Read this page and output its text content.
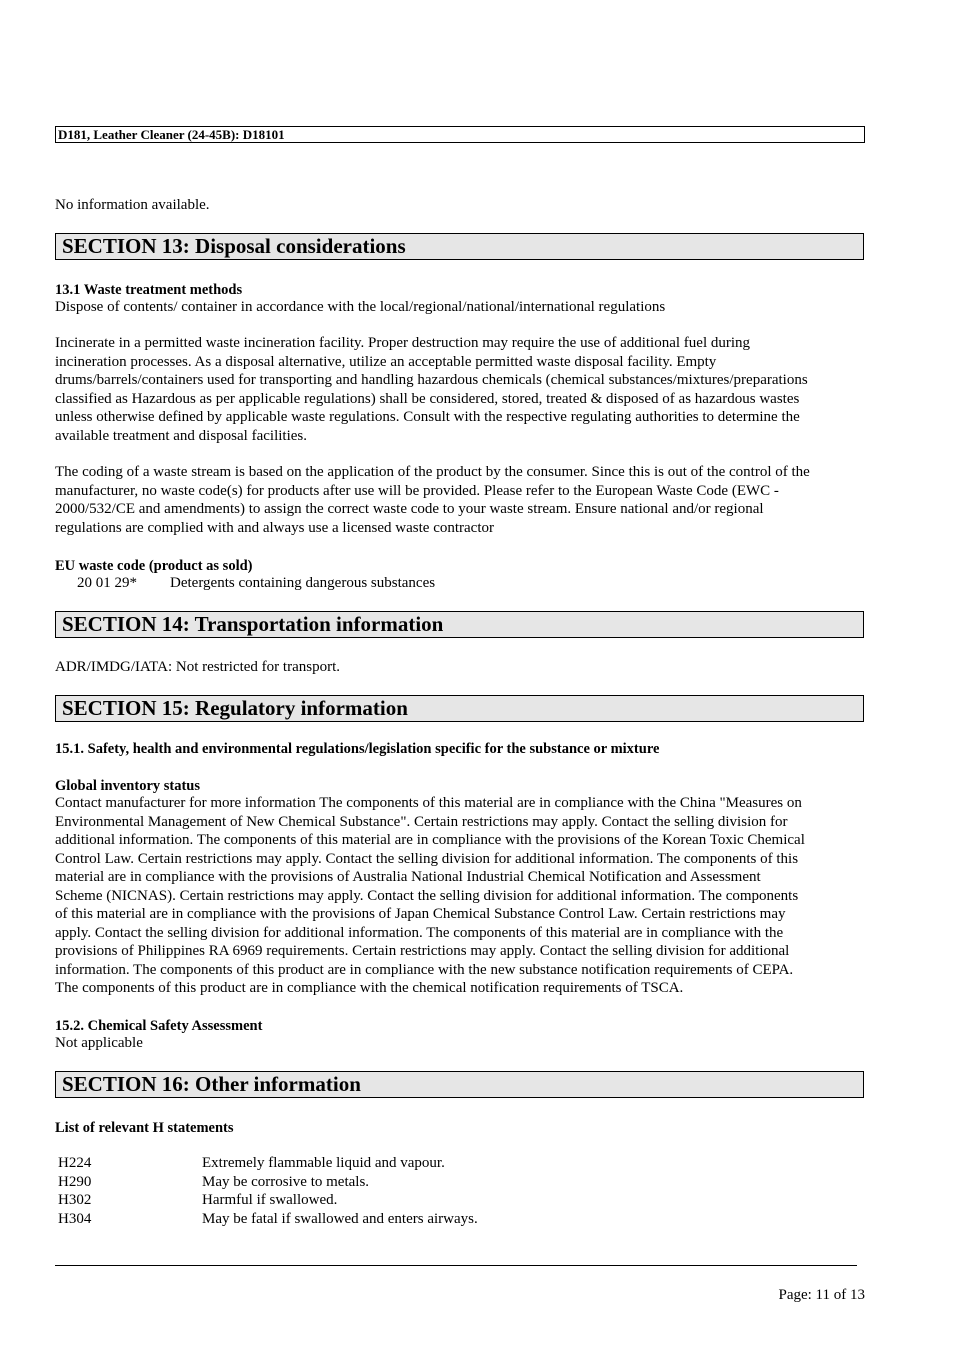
D181, Leather Cleaner (24-45B): D18101
No information available.
SECTION 13: Disposal considerations
13.1 Waste treatment methods
Dispose of contents/ container in accordance with the local/regional/national/international regulations
Incinerate in a permitted waste incineration facility. Proper destruction may require the use of additional fuel during
incineration processes. As a disposal alternative, utilize an acceptable permitted waste disposal facility. Empty
drums/barrels/containers used for transporting and handling hazardous chemicals (chemical substances/mixtures/preparations
classified as Hazardous as per applicable regulations) shall be considered, stored, treated & disposed of as hazardous wastes
unless otherwise defined by applicable waste regulations. Consult with the respective regulating authorities to determine the
available treatment and disposal facilities.
The coding of a waste stream is based on the application of the product by the consumer. Since this is out of the control of the
manufacturer, no waste code(s) for products after use will be provided. Please refer to the European Waste Code (EWC -
2000/532/CE and amendments) to assign the correct waste code to your waste stream. Ensure national and/or regional
regulations are complied with and always use a licensed waste contractor
EU waste code (product as sold)
20 01 29* Detergents containing dangerous substances
SECTION 14: Transportation information
ADR/IMDG/IATA: Not restricted for transport.
SECTION 15: Regulatory information
15.1. Safety, health and environmental regulations/legislation specific for the substance or mixture
Global inventory status
Contact manufacturer for more information The components of this material are in compliance with the China "Measures on
Environmental Management of New Chemical Substance". Certain restrictions may apply. Contact the selling division for
additional information. The components of this material are in compliance with the provisions of the Korean Toxic Chemical
Control Law. Certain restrictions may apply. Contact the selling division for additional information. The components of this
material are in compliance with the provisions of Australia National Industrial Chemical Notification and Assessment
Scheme (NICNAS). Certain restrictions may apply. Contact the selling division for additional information. The components
of this material are in compliance with the provisions of Japan Chemical Substance Control Law. Certain restrictions may
apply. Contact the selling division for additional information. The components of this material are in compliance with the
provisions of Philippines RA 6969 requirements. Certain restrictions may apply. Contact the selling division for additional
information. The components of this product are in compliance with the new substance notification requirements of CEPA.
The components of this product are in compliance with the chemical notification requirements of TSCA.
15.2. Chemical Safety Assessment
Not applicable
SECTION 16: Other information
List of relevant H statements
H224	Extremely flammable liquid and vapour.
H290	May be corrosive to metals.
H302	Harmful if swallowed.
H304	May be fatal if swallowed and enters airways.
Page: 11 of 13
